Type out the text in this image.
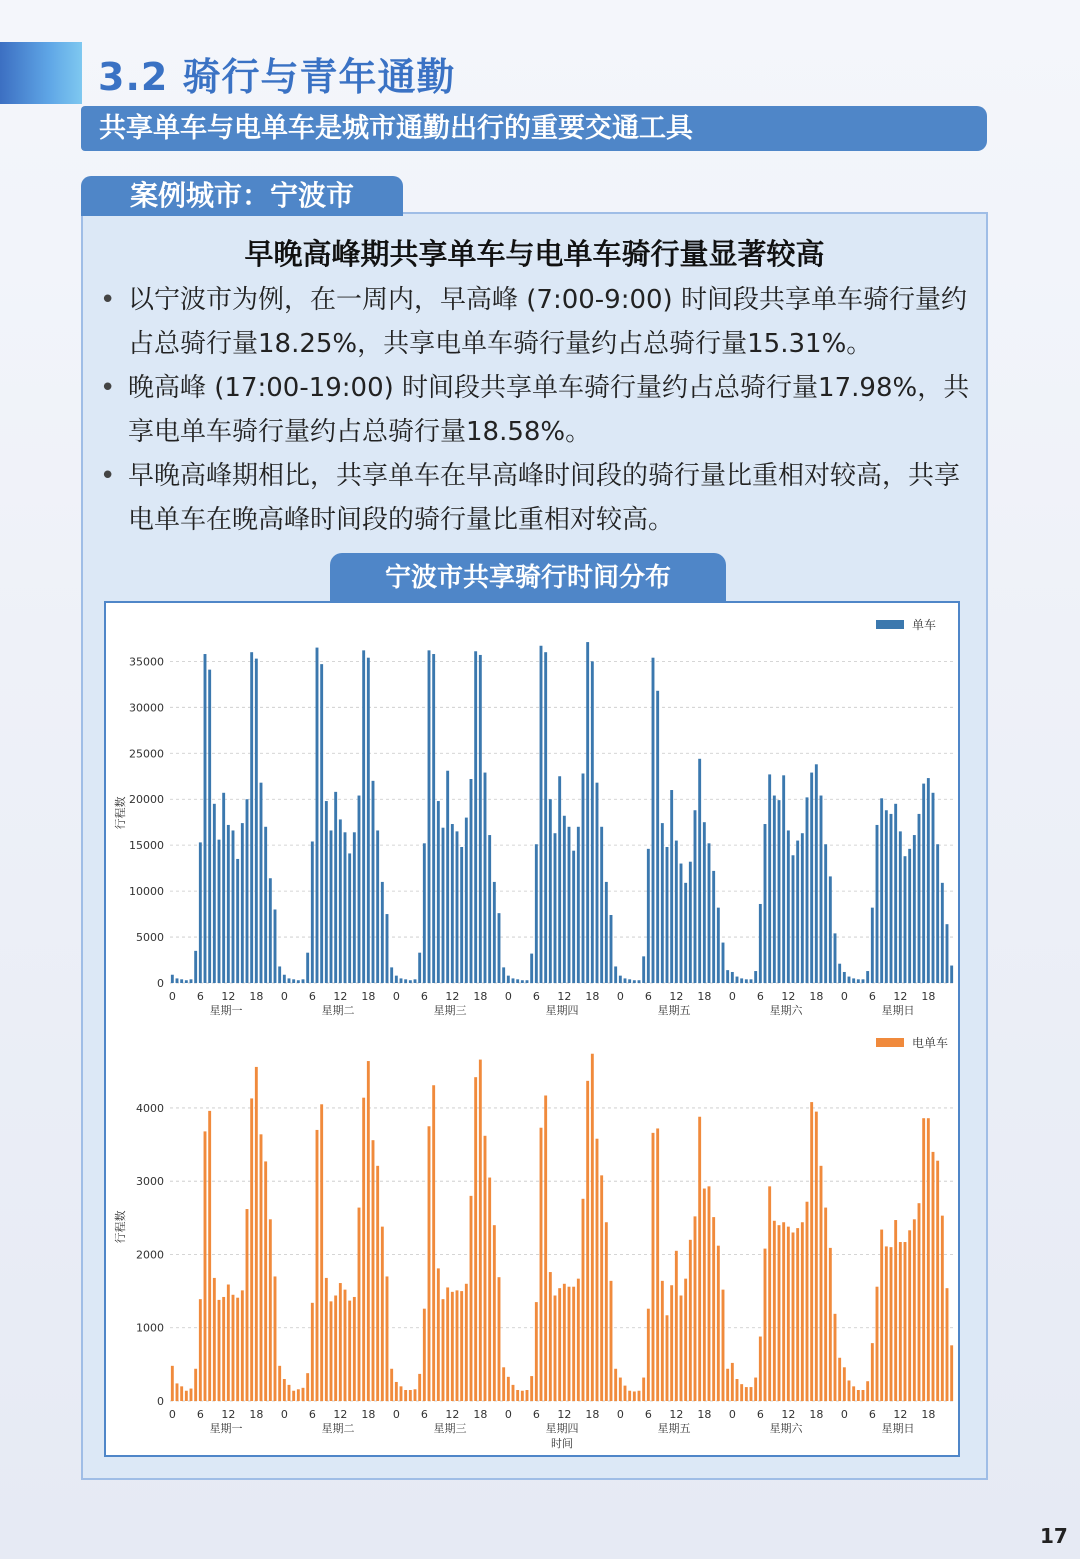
3.2 骑行与青年通勤
共享单车与电单车是城市通勤出行的重要交通工具
案例城市：宁波市
早晚高峰期共享单车与电单车骑行量显著较高
• 以宁波市为例，在一周内，早高峰 (7:00-9:00) 时间段共享单车骑行量约占总骑行量18.25%，共享电单车骑行量约占总骑行量15.31%。
• 晚高峰 (17:00-19:00) 时间段共享单车骑行量约占总骑行量17.98%，共享电单车骑行量约占总骑行量18.58%。
• 早晚高峰期相比，共享单车在早高峰时间段的骑行量比重相对较高，共享电单车在晚高峰时间段的骑行量比重相对较高。
宁波市共享骑行时间分布
0
5000
10000
15000
20000
25000
30000
35000
0 6 12 18
星期一
0 6 12 18
星期二
0 6 12 18
星期三
0 6 12 18
星期四
0 6 12 18
星期五
0 6 12 18
星期六
0 6 12 18
星期日
行程数
单车
0
1000
2000
3000
4000
0 6 12 18
星期一
0 6 12 18
星期二
0 6 12 18
星期三
0 6 12 18
星期四
0 6 12 18
星期五
0 6 12 18
星期六
0 6 12 18
星期日
行程数
时间
电单车
17
